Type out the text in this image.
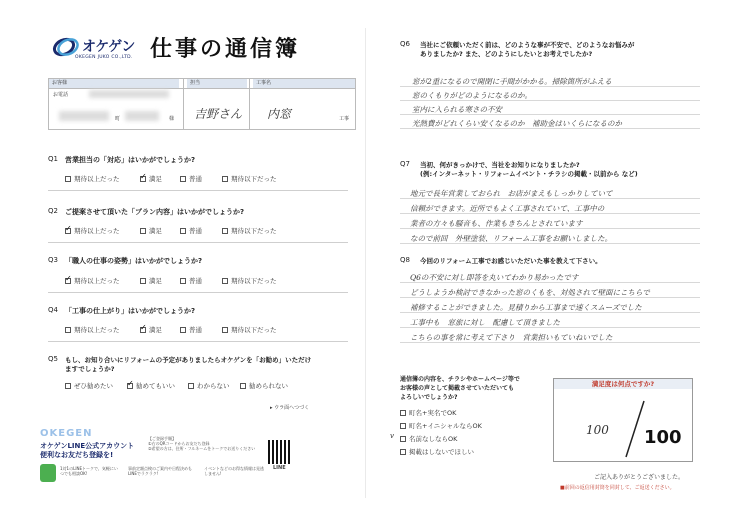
オケゲン
OKEGEN JUKO CO.,LTD. 仕事の通信簿
お客様	担当	工事名
お電話
町	様 吉野さん 内窓	工事
Q1 営業担当の「対応」はいかがでしょうか?
期待以上だった ✓	満足	普通	期待以下だった
Q2 ご提案させて頂いた「プラン内容」はいかがでしょうか?
✓
期待以上だった	満足	普通	期待以下だった
Q3 「職人の仕事の姿勢」はいかがでしょうか?
✓
期待以上だった	満足	普通	期待以下だった
Q4 「工事の仕上がり」はいかがでしょうか?
期待以上だった ✓	満足	普通	期待以下だった
Q5 もし、お知り合いにリフォームの予定がありましたらオケゲンを「お勧め」いただけ
ますでしょうか?
ぜひ勧めたい ✓	勧めてもいい	わからない	勧められない
▸ ウラ面へつづく
OKEGEN
オケゲンLINE公式アカウント
便利なお友だち登録を!
【ご登録手順】
①右のQRコードからお友だち登録
②希望の方は、住所・フルネームをトークでお送りください
1対1のLINEトークで、気軽にいつでも相談OK!
事前定額点検のご案内や日程決めもLINEでラクラク!
イベントなどのお得な情報は見逃しません!
LINE
Q6 当社にご依頼いただく前は、どのような事が不安で、どのようなお悩みが
ありましたか? また、どのようにしたいとお考えでしたか?
窓が2重になるので開閉に手間がかかる。掃除箇所がふえる
窓のくもりがどのようになるのか。
室内に入られる寒さの不安
光熱費がどれくらい安くなるのか　補助金はいくらになるのか
Q7 当初、何がきっかけで、当社をお知りになりましたか?
(例:インターネット・リフォームイベント・チラシの掲載・以前から など)
地元で長年営業しておられ　お店がまえもしっかりしていて
信頼ができます。近所でもよく工事されていて、工事中の
業者の方々も騒音も、作業もきちんとされています
なので前回　外壁塗装、リフォーム工事をお願いしました。
Q8 今回のリフォーム工事でお感じいただいた事を教えて下さい。
Q6の不安に対し即答を丸いてわかり易かったです
どうしようか検討できなかった窓のくもを、対処されて壁面にこちらで
補修することができました。見積りから工事まで速くスムーズでした
工事中も　窓旅に対し　配慮して頂きました
こちらの事を常に考えて下さり　営業担いもていねいでした
通信簿の内容を、チラシやホームページ等で
お客様の声として掲載させていただいても
よろしいでしょうか?
町名+実名でOK
町名+イニシャルならOK
v 名前なしならOK
掲載はしないでほしい
満足度は何点ですか?
100 100
ご記入ありがとうございました。
■前回の返信用封筒を同封して、ご返送ください。
